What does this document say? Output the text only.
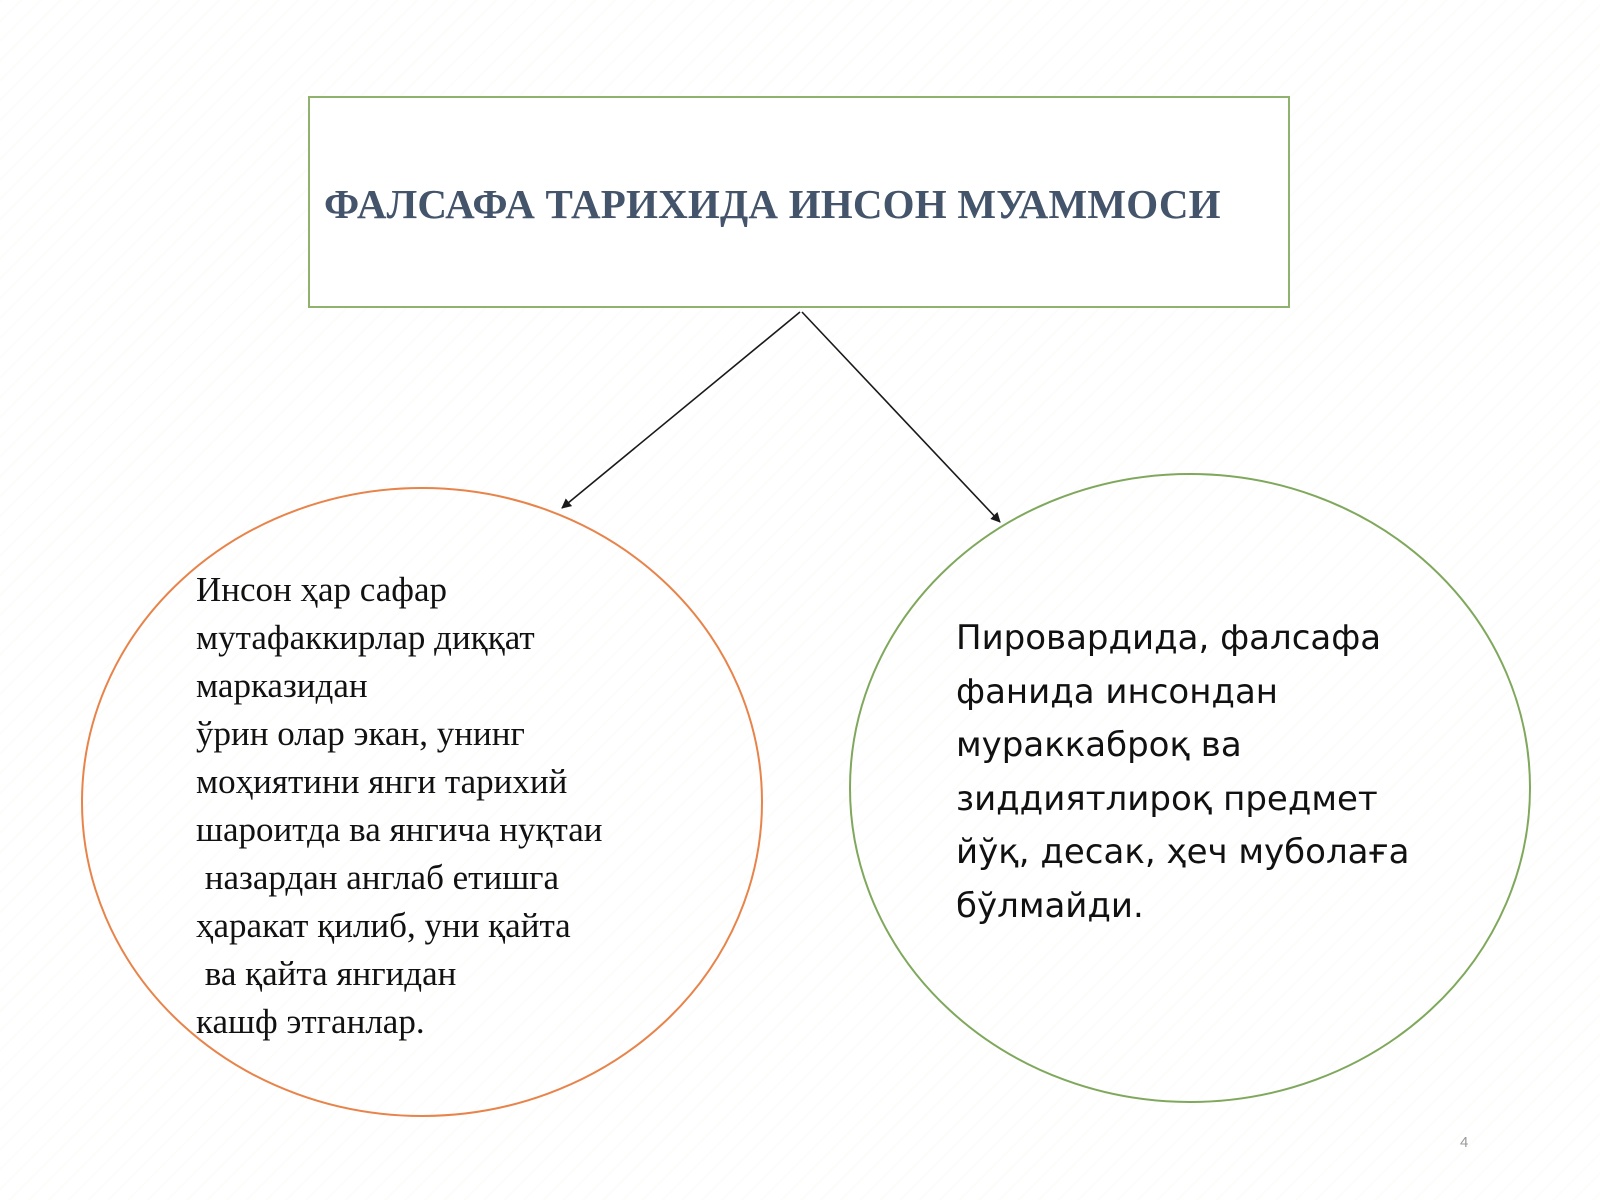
ФАЛСАФА ТАРИХИДА ИНСОН МУАММОСИ

Инсон ҳар сафар
мутафаккирлар диққат
марказидан
ўрин олар экан, унинг
моҳиятини янги тарихий
шароитда ва янгича нуқтаи
назардан англаб етишга
ҳаракат қилиб, уни қайта
ва қайта янгидан
кашф этганлар.

Пировардида, фалсафа
фанида инсондан
мураккаброқ ва
зиддиятлироқ предмет
йўқ, десак, ҳеч муболаға
бўлмайди.

4
